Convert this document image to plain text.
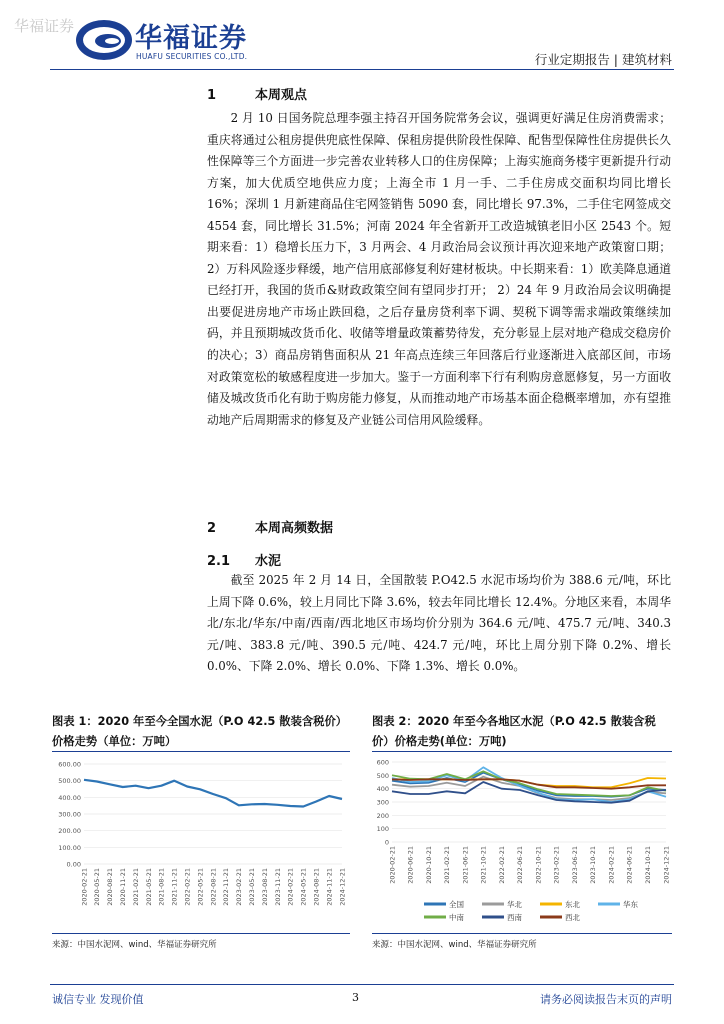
华福证券 华福证券
HUAFU SECURITIES CO.,LTD.	行业定期报告 | 建筑材料
1	本周观点
2 月 10 日国务院总理李强主持召开国务院常务会议，强调更好满足住房消费需求；重庆将通过公租房提供兜底性保障、保租房提供阶段性保障、配售型保障性住房提供长久性保障等三个方面进一步完善农业转移人口的住房保障；上海实施商务楼宇更新提升行动方案，加大优质空地供应力度；上海全市 1 月一手、二手住房成交面积均同比增长 16%；深圳 1 月新建商品住宅网签销售 5090 套，同比增长 97.3%，二手住宅网签成交 4554 套，同比增长 31.5%；河南 2024 年全省新开工改造城镇老旧小区 2543 个。短期来看：1）稳增长压力下，3 月两会、4 月政治局会议预计再次迎来地产政策窗口期；2）万科风险逐步释缓，地产信用底部修复利好建材板块。中长期来看：1）欧美降息通道已经打开，我国的货币&财政政策空间有望同步打开； 2）24 年 9 月政治局会议明确提出要促进房地产市场止跌回稳，之后存量房贷利率下调、契税下调等需求端政策继续加码，并且预期城改货币化、收储等增量政策蓄势待发，充分彰显上层对地产稳成交稳房价的决心；3）商品房销售面积从 21 年高点连续三年回落后行业逐渐进入底部区间，市场对政策宽松的敏感程度进一步加大。鉴于一方面利率下行有利购房意愿修复，另一方面收储及城改货币化有助于购房能力修复，从而推动地产市场基本面企稳概率增加，亦有望推动地产后周期需求的修复及产业链公司信用风险缓释。
2	本周高频数据
2.1 水泥
截至 2025 年 2 月 14 日，全国散装 P.O42.5 水泥市场均价为 388.6 元/吨，环比上周下降 0.6%，较上月同比下降 3.6%，较去年同比增长 12.4%。分地区来看，本周华北/东北/华东/中南/西南/西北地区市场均价分别为 364.6 元/吨、475.7 元/吨、340.3 元/吨、383.8 元/吨、390.5 元/吨、424.7 元/吨，环比上周分别下降 0.2%、增长 0.0%、下降 2.0%、增长 0.0%、下降 1.3%、增长 0.0%。
图表 1：2020 年至今全国水泥（P.O 42.5 散装含税价）价格走势（单位：万吨）
0.00
100.00
200.00
300.00
400.00
500.00
600.00
2020-02-21 2020-05-21 2020-08-21 2020-11-21 2021-02-21 2021-05-21 2021-08-21 2021-11-21 2022-02-21 2022-05-21 2022-08-21 2022-11-21 2023-02-21 2023-05-21 2023-08-21 2023-11-21 2024-02-21 2024-05-21 2024-08-21 2024-11-21 2024-12-21
来源：中国水泥网、wind、华福证券研究所
图表 2：2020 年至今各地区水泥（P.O 42.5 散装含税价）价格走势(单位：万吨)
0
100
200
300
400
500
600
2020-02-21 2020-06-21 2020-10-21 2021-02-21 2021-06-21 2021-10-21 2022-02-21 2022-06-21 2022-10-21 2023-02-21 2023-06-21 2023-10-21 2024-02-21 2024-06-21 2024-10-21 2024-12-21
全国	华北	东北	华东
中南	西南	西北
来源：中国水泥网、wind、华福证券研究所
诚信专业 发现价值	3	请务必阅读报告末页的声明
